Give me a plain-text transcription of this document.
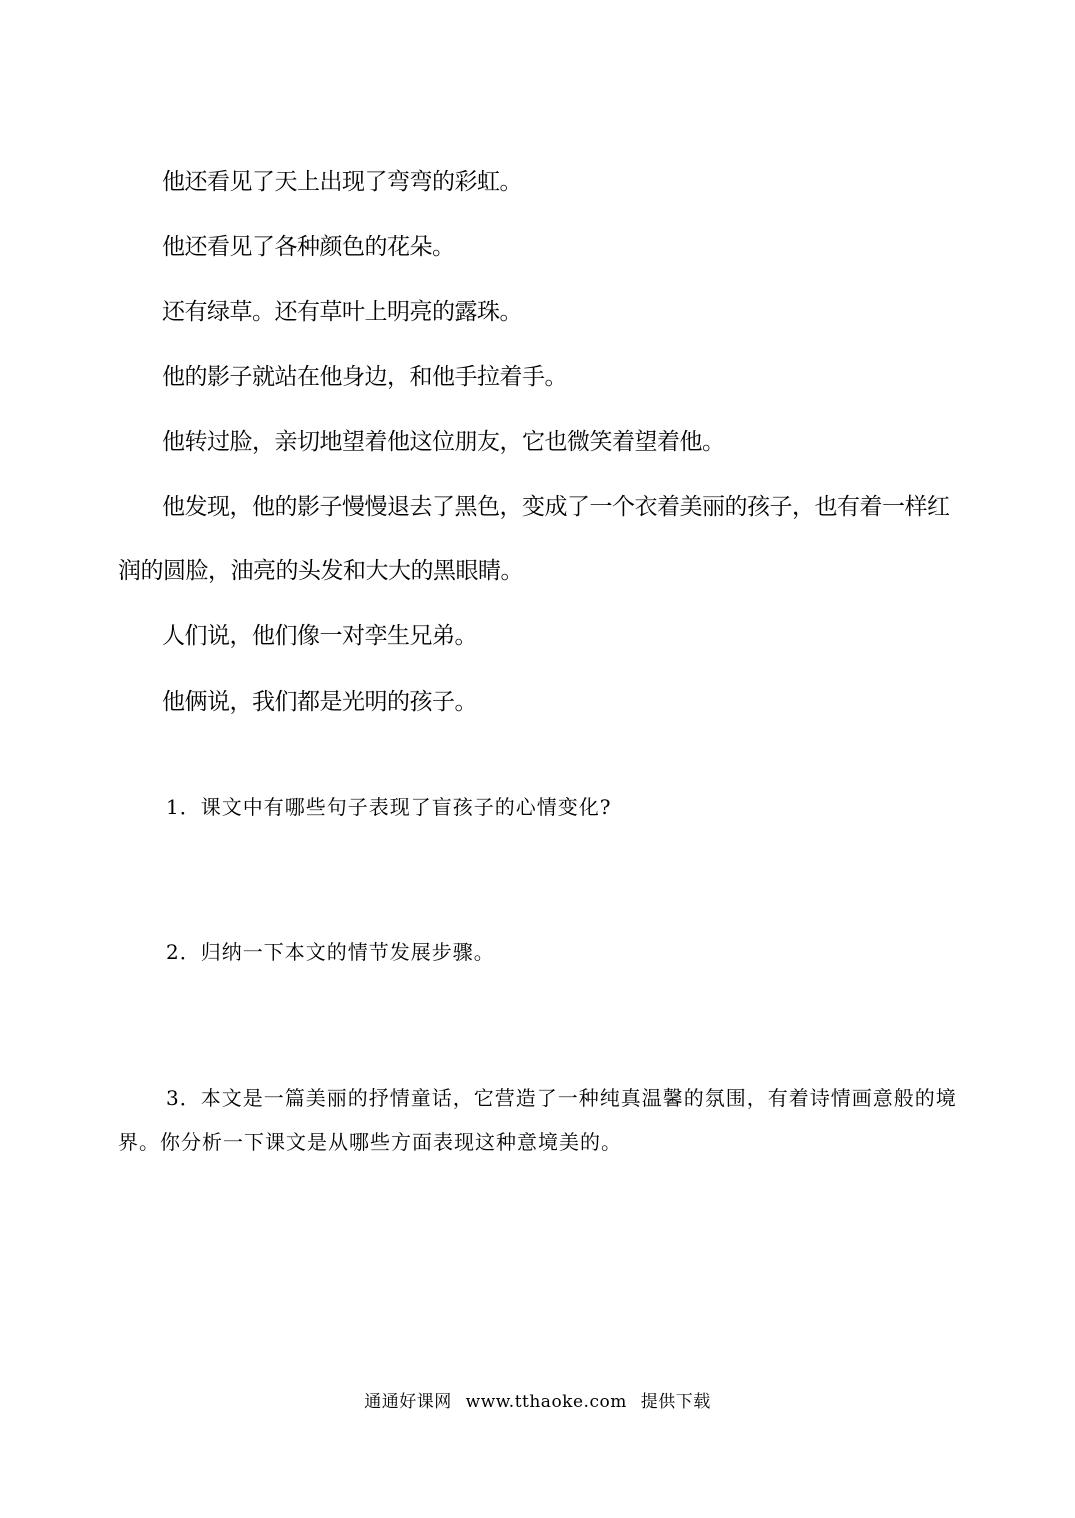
他还看见了天上出现了弯弯的彩虹。

他还看见了各种颜色的花朵。

还有绿草。还有草叶上明亮的露珠。

他的影子就站在他身边，和他手拉着手。

他转过脸，亲切地望着他这位朋友，它也微笑着望着他。

他发现，他的影子慢慢退去了黑色，变成了一个衣着美丽的孩子，也有着一样红润的圆脸，油亮的头发和大大的黑眼睛。

人们说，他们像一对孪生兄弟。

他俩说，我们都是光明的孩子。

1．课文中有哪些句子表现了盲孩子的心情变化?

2．归纳一下本文的情节发展步骤。

3．本文是一篇美丽的抒情童话，它营造了一种纯真温馨的氛围，有着诗情画意般的境界。你分析一下课文是从哪些方面表现这种意境美的。

通通好课网 www.tthaoke.com 提供下载
